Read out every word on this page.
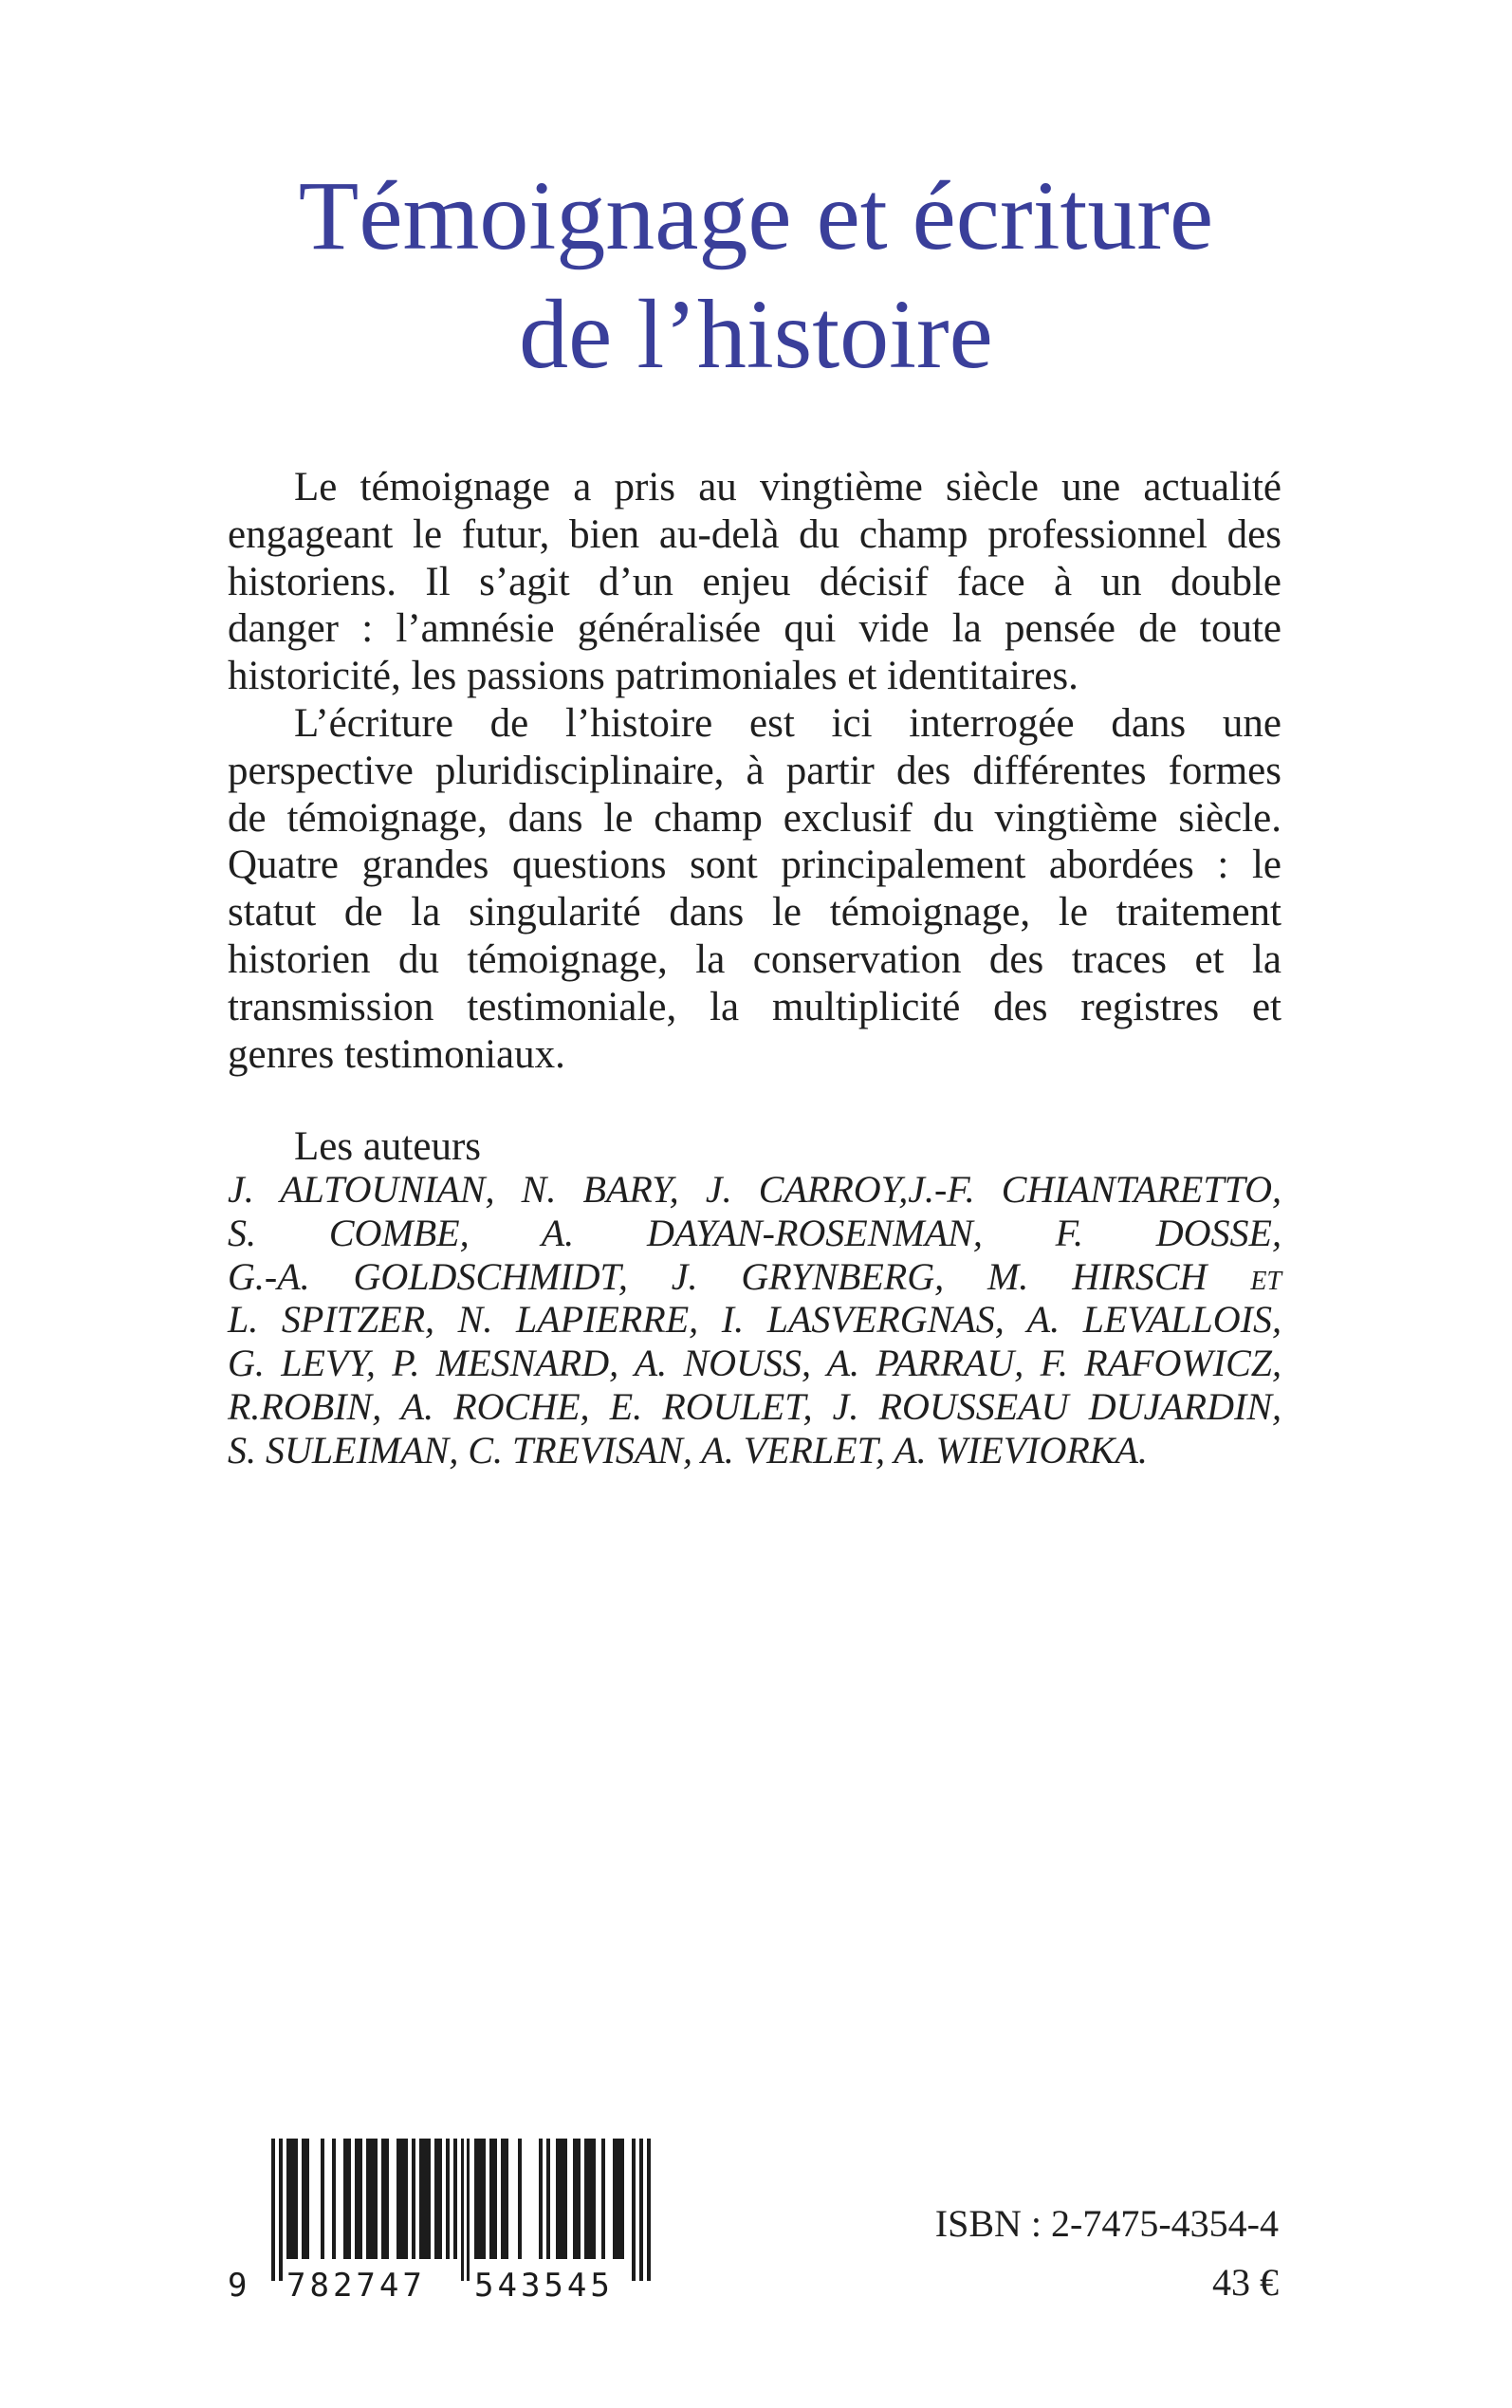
Témoignage et écriture
de l’histoire
Le témoignage a pris au vingtième siècle une actualité
engageant le futur, bien au-delà du champ professionnel des
historiens. Il s’agit d’un enjeu décisif face à un double
danger : l’amnésie généralisée qui vide la pensée de toute
historicité, les passions patrimoniales et identitaires.
L’écriture de l’histoire est ici interrogée dans une
perspective pluridisciplinaire, à partir des différentes formes
de témoignage, dans le champ exclusif du vingtième siècle.
Quatre grandes questions sont principalement abordées : le
statut de la singularité dans le témoignage, le traitement
historien du témoignage, la conservation des traces et la
transmission testimoniale, la multiplicité des registres et
genres testimoniaux.
Les auteurs
J. ALTOUNIAN, N. BARY, J. CARROY,J.-F. CHIANTARETTO,
S. COMBE, A. DAYAN-ROSENMAN, F. DOSSE,
G.-A. GOLDSCHMIDT, J. GRYNBERG, M. HIRSCH ET
L. SPITZER, N. LAPIERRE, I. LASVERGNAS, A. LEVALLOIS,
G. LEVY, P. MESNARD, A. NOUSS, A. PARRAU, F. RAFOWICZ,
R.ROBIN, A. ROCHE, E. ROULET, J. ROUSSEAU DUJARDIN,
S. SULEIMAN, C. TREVISAN, A. VERLET, A. WIEVIORKA.
9 782747 543545
ISBN : 2-7475-4354-4
43 €
